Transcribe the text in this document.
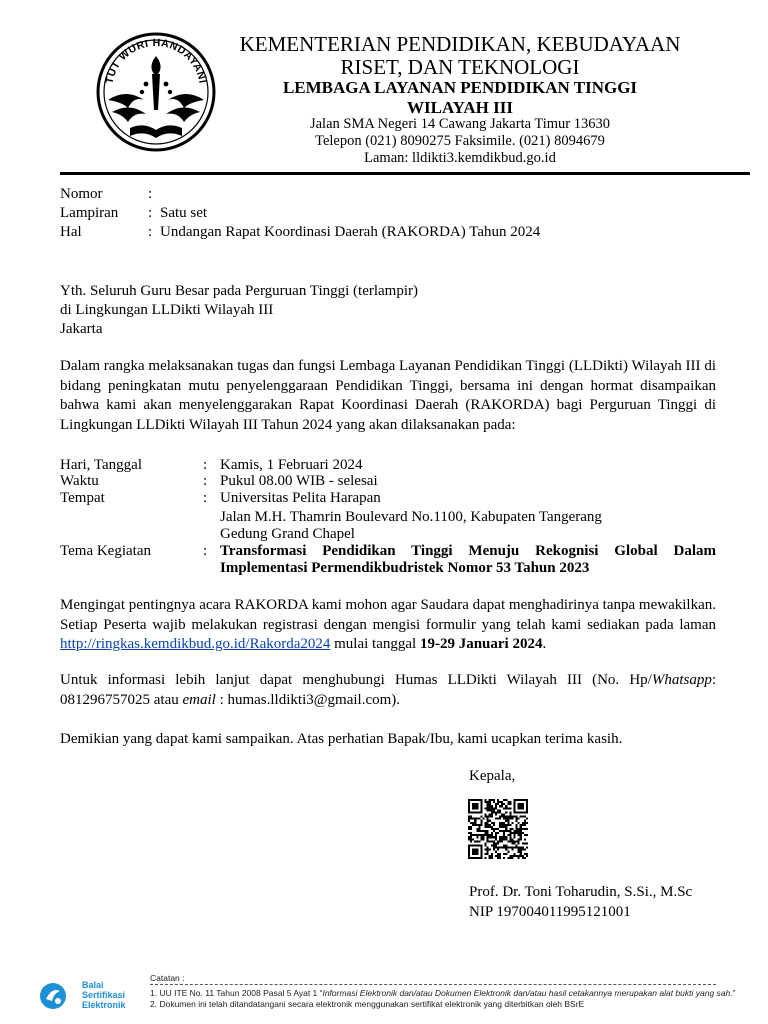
TUT WURI HANDAYANI
KEMENTERIAN PENDIDIKAN, KEBUDAYAAN
RISET, DAN TEKNOLOGI
LEMBAGA LAYANAN PENDIDIKAN TINGGI
WILAYAH III
Jalan SMA Negeri 14 Cawang Jakarta Timur 13630
Telepon (021) 8090275 Faksimile. (021) 8094679
Laman: lldikti3.kemdikbud.go.id
Nomor	:
Lampiran : Satu set
Hal	: Undangan Rapat Koordinasi Daerah (RAKORDA) Tahun 2024
Yth. Seluruh Guru Besar pada Perguruan Tinggi (terlampir)
di Lingkungan LLDikti Wilayah III
Jakarta
Dalam rangka melaksanakan tugas dan fungsi Lembaga Layanan Pendidikan Tinggi (LLDikti) Wilayah III di bidang peningkatan mutu penyelenggaraan Pendidikan Tinggi, bersama ini dengan hormat disampaikan bahwa kami akan menyelenggarakan Rapat Koordinasi Daerah (RAKORDA) bagi Perguruan Tinggi di Lingkungan LLDikti Wilayah III Tahun 2024 yang akan dilaksanakan pada:
Hari, Tanggal	: Kamis, 1 Februari 2024
Waktu	: Pukul 08.00 WIB - selesai
Tempat	: Universitas Pelita Harapan
Jalan M.H. Thamrin Boulevard No.1100, Kabupaten Tangerang
Gedung Grand Chapel
Tema Kegiatan	: Transformasi Pendidikan Tinggi Menuju Rekognisi Global Dalam Implementasi Permendikbudristek Nomor 53 Tahun 2023
Mengingat pentingnya acara RAKORDA kami mohon agar Saudara dapat menghadirinya tanpa mewakilkan. Setiap Peserta wajib melakukan registrasi dengan mengisi formulir yang telah kami sediakan pada laman http://ringkas.kemdikbud.go.id/Rakorda2024 mulai tanggal 19-29 Januari 2024.
Untuk informasi lebih lanjut dapat menghubungi Humas LLDikti Wilayah III (No. Hp/Whatsapp: 081296757025 atau email : humas.lldikti3@gmail.com).
Demikian yang dapat kami sampaikan. Atas perhatian Bapak/Ibu, kami ucapkan terima kasih.
Kepala,
Prof. Dr. Toni Toharudin, S.Si., M.Sc
NIP 197004011995121001
Balai
Sertifikasi
Elektronik
Catatan :
1. UU ITE No. 11 Tahun 2008 Pasal 5 Ayat 1 “Informasi Elektronik dan/atau Dokumen Elektronik dan/atau hasil cetakannya merupakan alat bukti yang sah.”
2. Dokumen ini telah ditandatangani secara elektronik menggunakan sertifikat elektronik yang diterbitkan oleh BSrE
